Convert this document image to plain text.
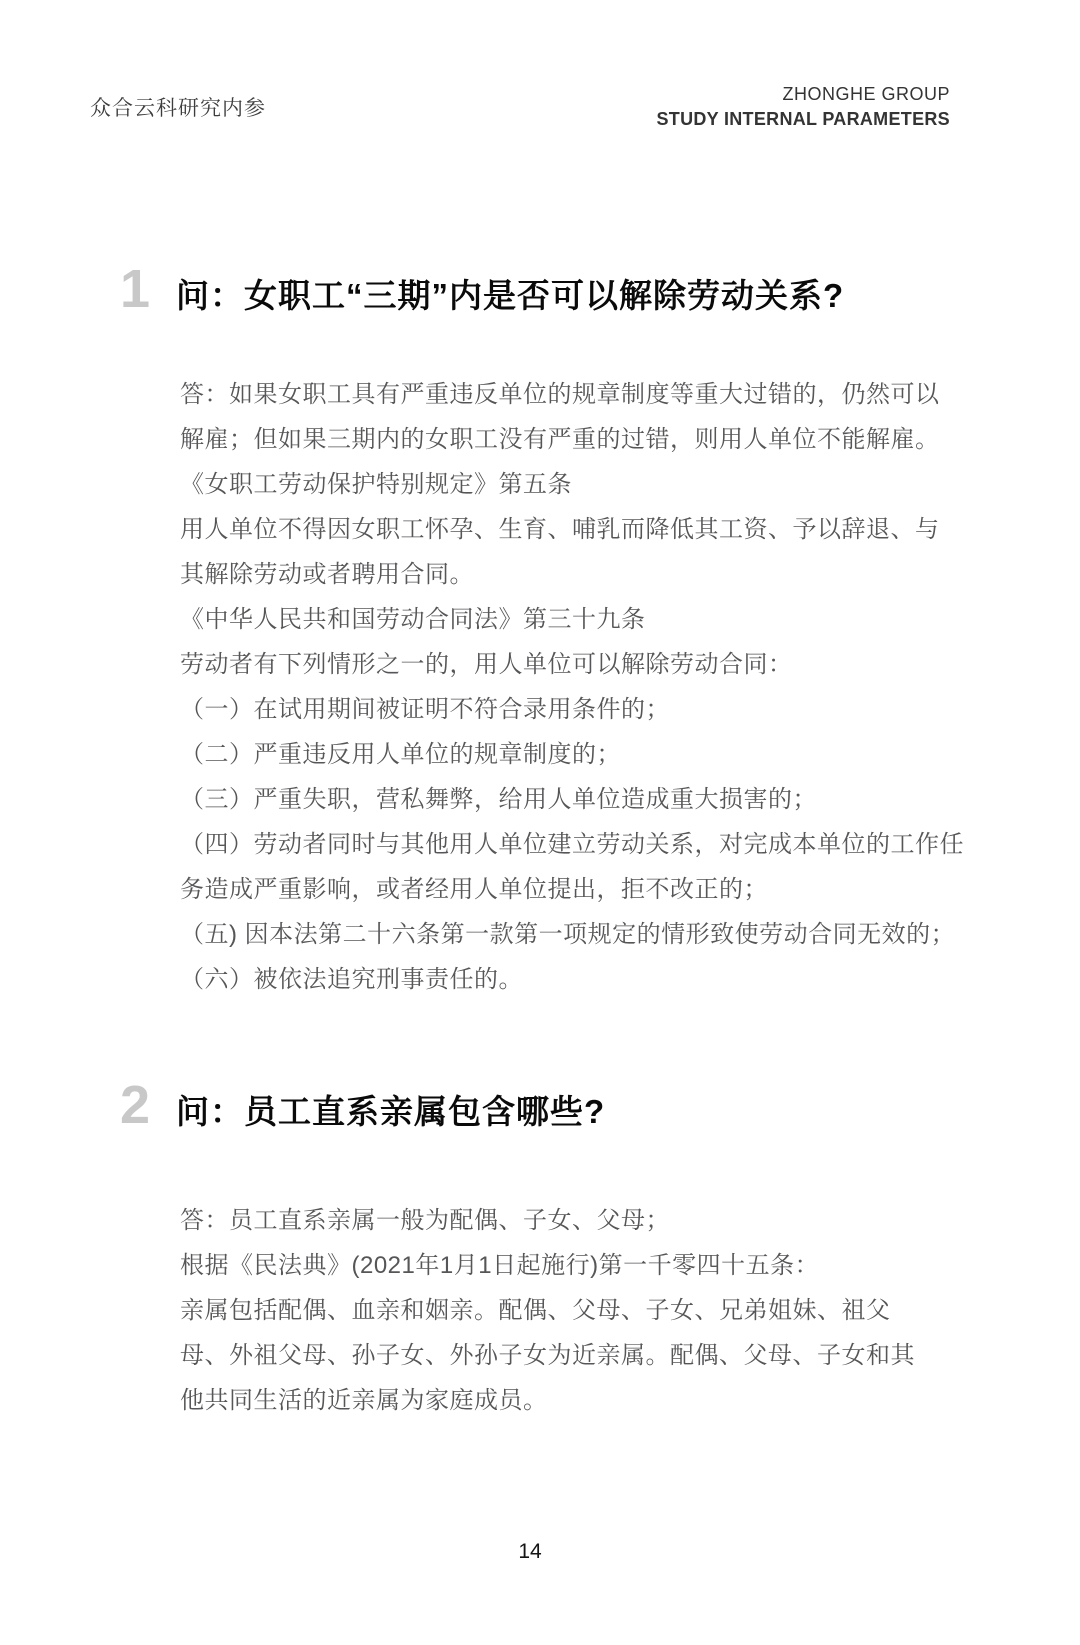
众合云科研究内参
ZHONGHE GROUP
STUDY INTERNAL PARAMETERS
1 问：女职工“三期”内是否可以解除劳动关系?
答：如果女职工具有严重违反单位的规章制度等重大过错的，仍然可以
解雇；但如果三期内的女职工没有严重的过错，则用人单位不能解雇。
《女职工劳动保护特别规定》第五条
用人单位不得因女职工怀孕、生育、哺乳而降低其工资、予以辞退、与
其解除劳动或者聘用合同。
《中华人民共和国劳动合同法》第三十九条
劳动者有下列情形之一的，用人单位可以解除劳动合同：
（一）在试用期间被证明不符合录用条件的；
（二）严重违反用人单位的规章制度的；
（三）严重失职，营私舞弊，给用人单位造成重大损害的；
（四）劳动者同时与其他用人单位建立劳动关系，对完成本单位的工作任
务造成严重影响，或者经用人单位提出，拒不改正的；
（五) 因本法第二十六条第一款第一项规定的情形致使劳动合同无效的；
（六）被依法追究刑事责任的。
2 问：员工直系亲属包含哪些?
答：员工直系亲属一般为配偶、子女、父母；
根据《民法典》(2021年1月1日起施行)第一千零四十五条：
亲属包括配偶、血亲和姻亲。配偶、父母、子女、兄弟姐妹、祖父
母、外祖父母、孙子女、外孙子女为近亲属。配偶、父母、子女和其
他共同生活的近亲属为家庭成员。
14
